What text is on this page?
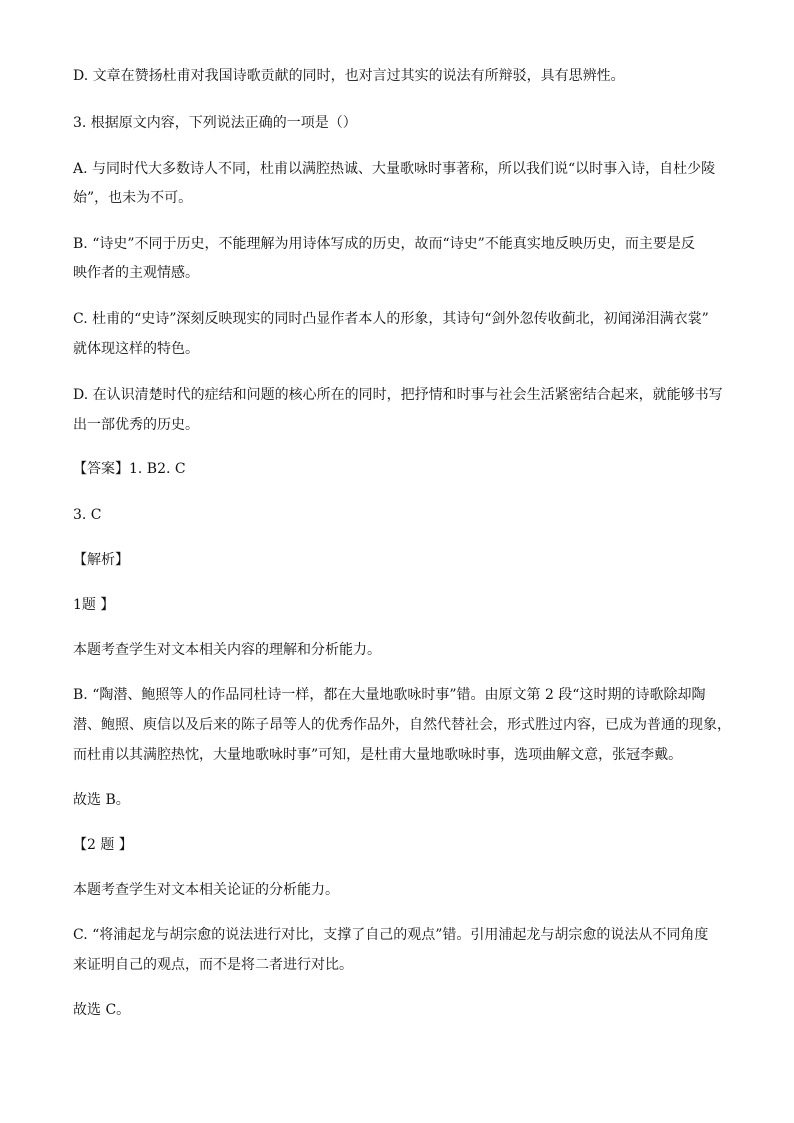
D. 文章在赞扬杜甫对我国诗歌贡献的同时，也对言过其实的说法有所辩驳，具有思辨性。
3. 根据原文内容，下列说法正确的一项是（）
A. 与同时代大多数诗人不同，杜甫以满腔热诚、大量歌咏时事著称，所以我们说“以时事入诗，自杜少陵
始”，也未为不可。
B. “诗史”不同于历史，不能理解为用诗体写成的历史，故而“诗史”不能真实地反映历史，而主要是反
映作者的主观情感。
C. 杜甫的“史诗”深刻反映现实的同时凸显作者本人的形象，其诗句“剑外忽传收蓟北，初闻涕泪满衣裳”
就体现这样的特色。
D. 在认识清楚时代的症结和问题的核心所在的同时，把抒情和时事与社会生活紧密结合起来，就能够书写
出一部优秀的历史。
【答案】1. B2. C
3. C
【解析】
1题 】
本题考查学生对文本相关内容的理解和分析能力。
B. “陶潜、鲍照等人的作品同杜诗一样，都在大量地歌咏时事”错。由原文第 2 段“这时期的诗歌除却陶
潜、鲍照、庾信以及后来的陈子昂等人的优秀作品外，自然代替社会，形式胜过内容，已成为普通的现象，
而杜甫以其满腔热忱，大量地歌咏时事”可知，是杜甫大量地歌咏时事，选项曲解文意，张冠李戴。
故选 B。
【2 题 】
本题考查学生对文本相关论证的分析能力。
C. “将浦起龙与胡宗愈的说法进行对比，支撑了自己的观点”错。引用浦起龙与胡宗愈的说法从不同角度
来证明自己的观点，而不是将二者进行对比。
故选 C。
